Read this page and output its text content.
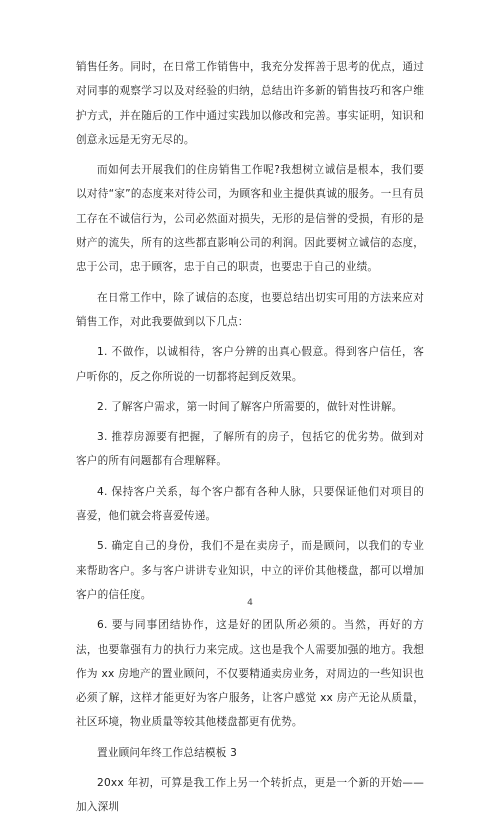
销售任务。同时，在日常工作销售中，我充分发挥善于思考的优点，通过对同事的观察学习以及对经验的归纳，总结出许多新的销售技巧和客户维护方式，并在随后的工作中通过实践加以修改和完善。事实证明，知识和创意永远是无穷无尽的。

而如何去开展我们的住房销售工作呢?我想树立诚信是根本，我们要以对待“家”的态度来对待公司，为顾客和业主提供真诚的服务。一旦有员工存在不诚信行为，公司必然面对损失，无形的是信誉的受损，有形的是财产的流失，所有的这些都直影响公司的利润。因此要树立诚信的态度，忠于公司，忠于顾客，忠于自己的职责，也要忠于自己的业绩。

在日常工作中，除了诚信的态度，也要总结出切实可用的方法来应对销售工作，对此我要做到以下几点：

1. 不做作，以诚相待，客户分辨的出真心假意。得到客户信任，客户听你的，反之你所说的一切都将起到反效果。

2. 了解客户需求，第一时间了解客户所需要的，做针对性讲解。

3. 推荐房源要有把握，了解所有的房子，包括它的优劣势。做到对客户的所有问题都有合理解释。

4. 保持客户关系，每个客户都有各种人脉，只要保证他们对项目的喜爱，他们就会将喜爱传递。

5. 确定自己的身份，我们不是在卖房子，而是顾问，以我们的专业来帮助客户。多与客户讲讲专业知识，中立的评价其他楼盘，都可以增加客户的信任度。

6. 要与同事团结协作，这是好的团队所必须的。当然，再好的方法，也要靠强有力的执行力来完成。这也是我个人需要加强的地方。我想作为 xx 房地产的置业顾问，不仅要精通卖房业务，对周边的一些知识也必须了解，这样才能更好为客户服务，让客户感觉 xx 房产无论从质量，社区环境，物业质量等较其他楼盘都更有优势。

置业顾问年终工作总结模板 3

20xx 年初，可算是我工作上另一个转折点，更是一个新的开始——加入深圳

4
